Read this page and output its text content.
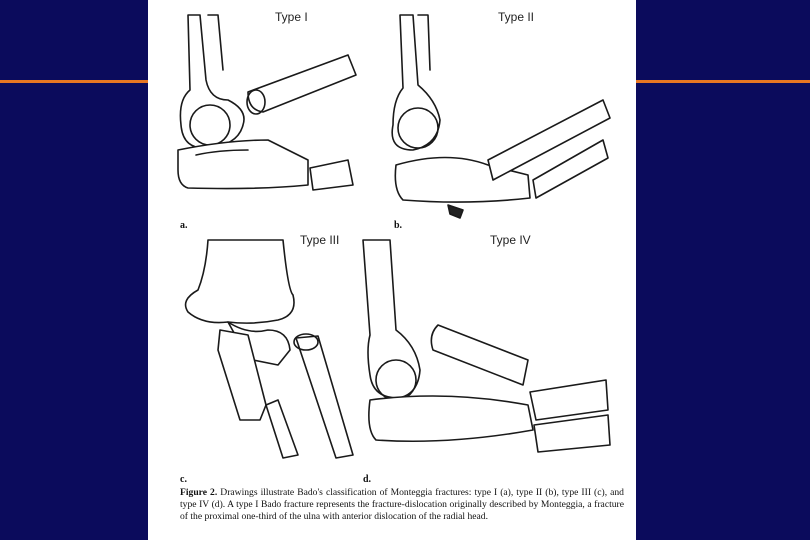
Type I	Type II
Type III	Type IV
a.	b.
c.	d.
Figure 2. Drawings illustrate Bado's classification of Monteggia fractures: type I (a), type II (b), type III (c), and type IV (d). A type I Bado fracture represents the fracture-dislocation originally described by Monteggia, a fracture of the proximal one-third of the ulna with anterior dislocation of the radial head.
